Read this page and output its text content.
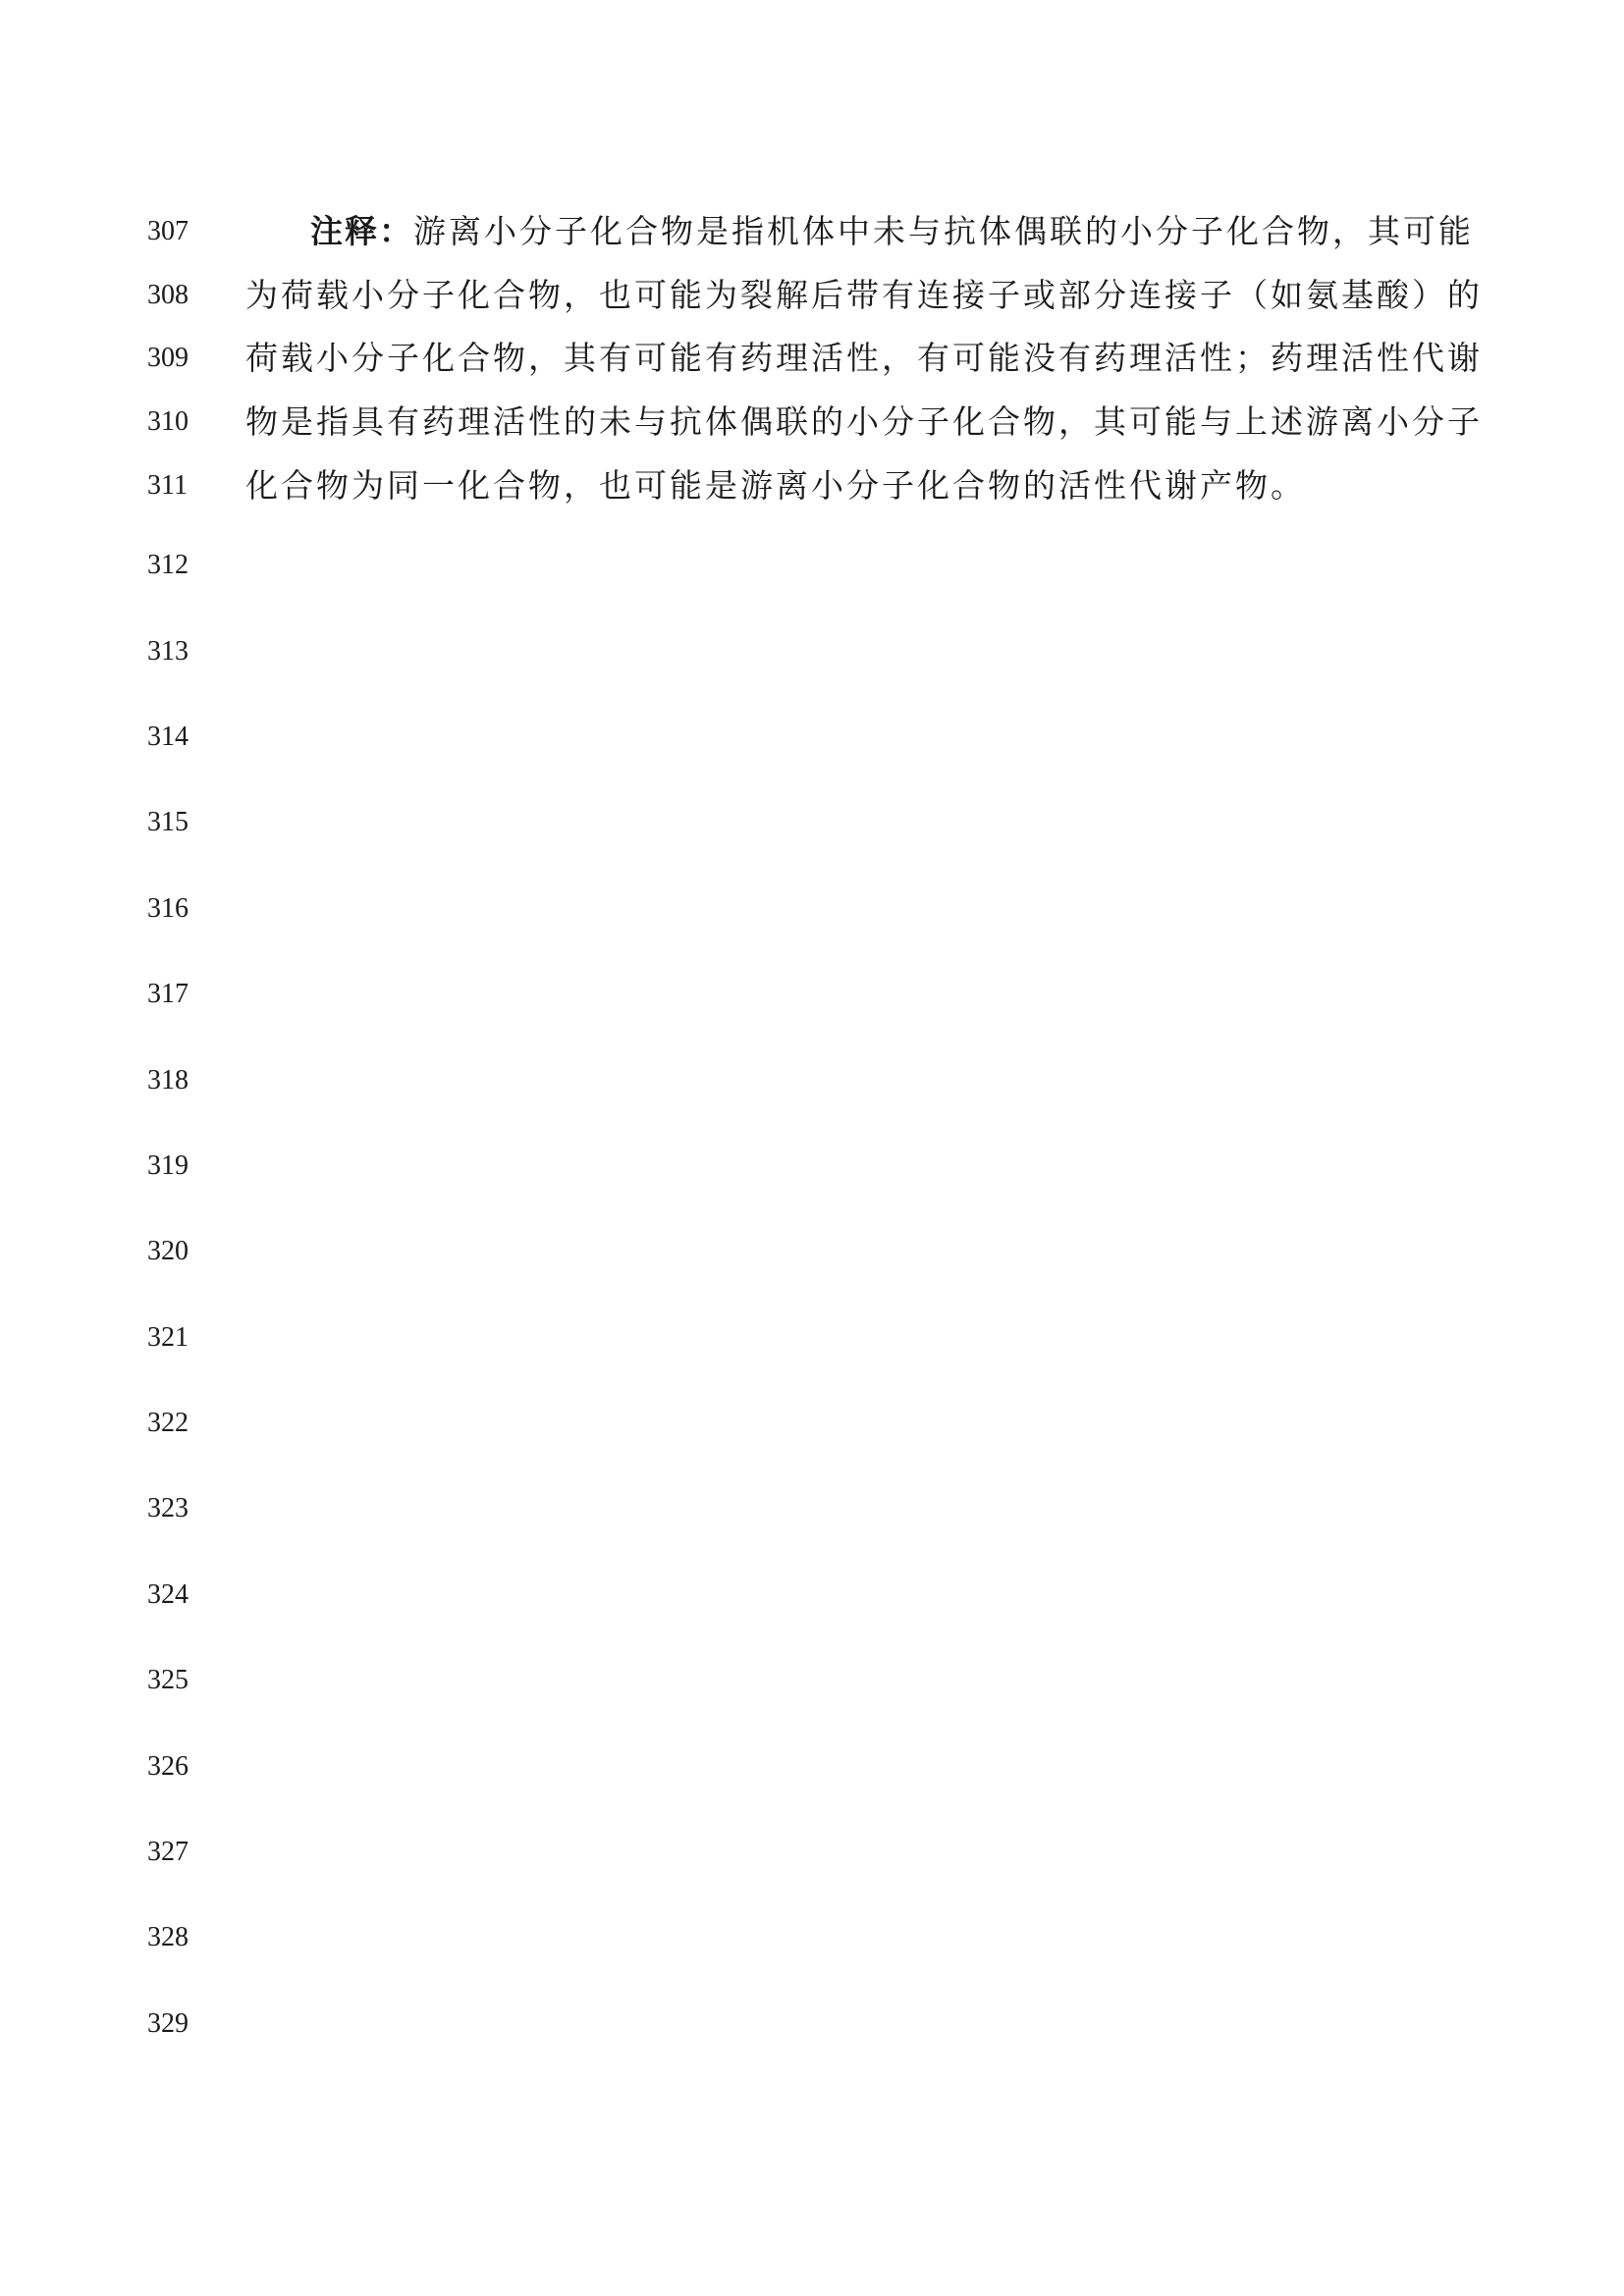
307
308
309
310
311
312
313
314
315
316
317
318
319
320
321
322
323
324
325
326
327
328
329
注释：游离小分子化合物是指机体中未与抗体偶联的小分子化合物，其可能
为荷载小分子化合物，也可能为裂解后带有连接子或部分连接子（如氨基酸）的
荷载小分子化合物，其有可能有药理活性，有可能没有药理活性；药理活性代谢
物是指具有药理活性的未与抗体偶联的小分子化合物，其可能与上述游离小分子
化合物为同一化合物，也可能是游离小分子化合物的活性代谢产物。
